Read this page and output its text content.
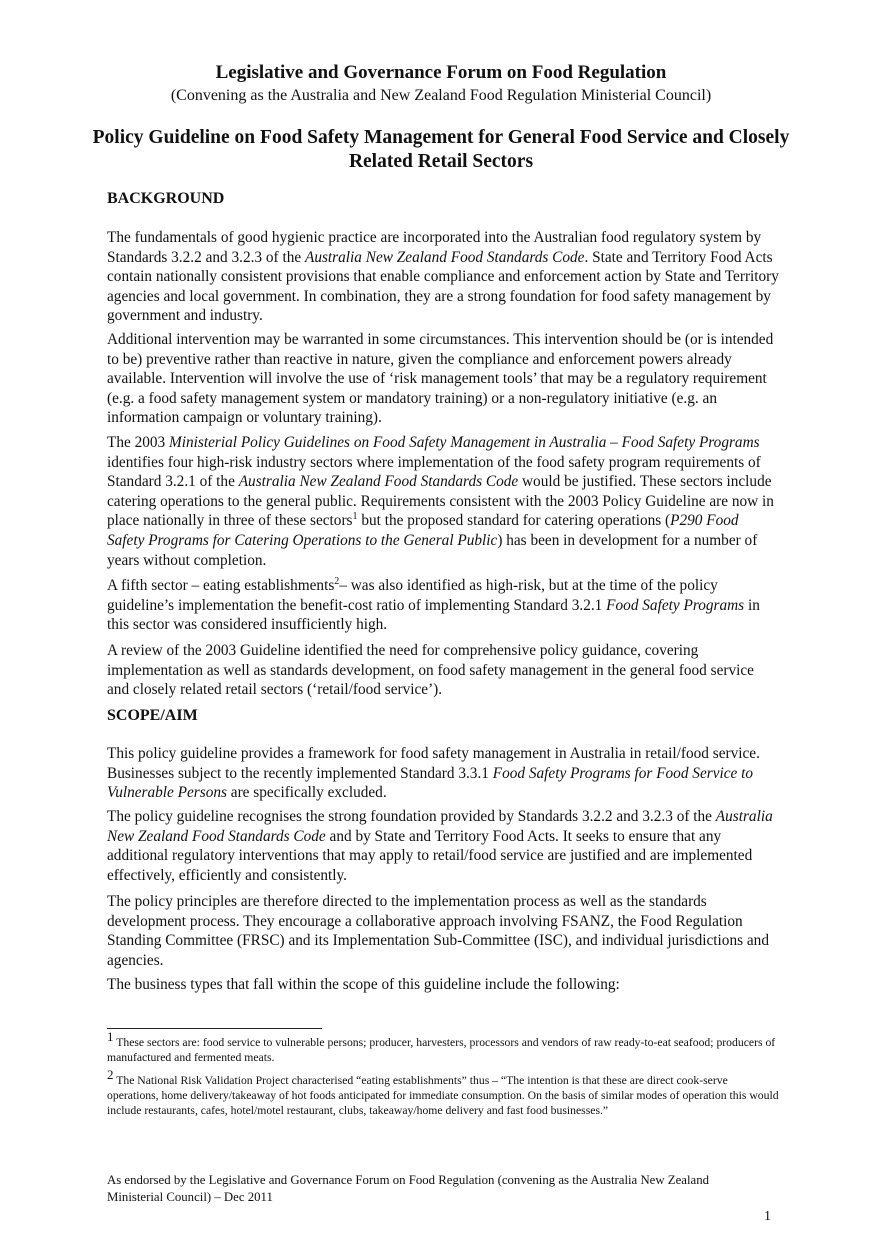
Legislative and Governance Forum on Food Regulation
(Convening as the Australia and New Zealand Food Regulation Ministerial Council)
Policy Guideline on Food Safety Management for General Food Service and Closely Related Retail Sectors
BACKGROUND
The fundamentals of good hygienic practice are incorporated into the Australian food regulatory system by Standards 3.2.2 and 3.2.3 of the Australia New Zealand Food Standards Code. State and Territory Food Acts contain nationally consistent provisions that enable compliance and enforcement action by State and Territory agencies and local government. In combination, they are a strong foundation for food safety management by government and industry.
Additional intervention may be warranted in some circumstances. This intervention should be (or is intended to be) preventive rather than reactive in nature, given the compliance and enforcement powers already available. Intervention will involve the use of ‘risk management tools’ that may be a regulatory requirement (e.g. a food safety management system or mandatory training) or a non-regulatory initiative (e.g. an information campaign or voluntary training).
The 2003 Ministerial Policy Guidelines on Food Safety Management in Australia – Food Safety Programs identifies four high-risk industry sectors where implementation of the food safety program requirements of Standard 3.2.1 of the Australia New Zealand Food Standards Code would be justified. These sectors include catering operations to the general public. Requirements consistent with the 2003 Policy Guideline are now in place nationally in three of these sectors$^1$ but the proposed standard for catering operations (P290 Food Safety Programs for Catering Operations to the General Public) has been in development for a number of years without completion.
A fifth sector – eating establishments$^2$– was also identified as high-risk, but at the time of the policy guideline’s implementation the benefit-cost ratio of implementing Standard 3.2.1 Food Safety Programs in this sector was considered insufficiently high.
A review of the 2003 Guideline identified the need for comprehensive policy guidance, covering implementation as well as standards development, on food safety management in the general food service and closely related retail sectors (‘retail/food service’).
SCOPE/AIM
This policy guideline provides a framework for food safety management in Australia in retail/food service. Businesses subject to the recently implemented Standard 3.3.1 Food Safety Programs for Food Service to Vulnerable Persons are specifically excluded.
The policy guideline recognises the strong foundation provided by Standards 3.2.2 and 3.2.3 of the Australia New Zealand Food Standards Code and by State and Territory Food Acts. It seeks to ensure that any additional regulatory interventions that may apply to retail/food service are justified and are implemented effectively, efficiently and consistently.
The policy principles are therefore directed to the implementation process as well as the standards development process. They encourage a collaborative approach involving FSANZ, the Food Regulation Standing Committee (FRSC) and its Implementation Sub-Committee (ISC), and individual jurisdictions and agencies.
The business types that fall within the scope of this guideline include the following:
$^1$ These sectors are: food service to vulnerable persons; producer, harvesters, processors and vendors of raw ready-to-eat seafood; producers of manufactured and fermented meats.
$^2$ The National Risk Validation Project characterised “eating establishments” thus – “The intention is that these are direct cook-serve operations, home delivery/takeaway of hot foods anticipated for immediate consumption. On the basis of similar modes of operation this would include restaurants, cafes, hotel/motel restaurant, clubs, takeaway/home delivery and fast food businesses.”
As endorsed by the Legislative and Governance Forum on Food Regulation (convening as the Australia New Zealand Ministerial Council) – Dec 2011
1
